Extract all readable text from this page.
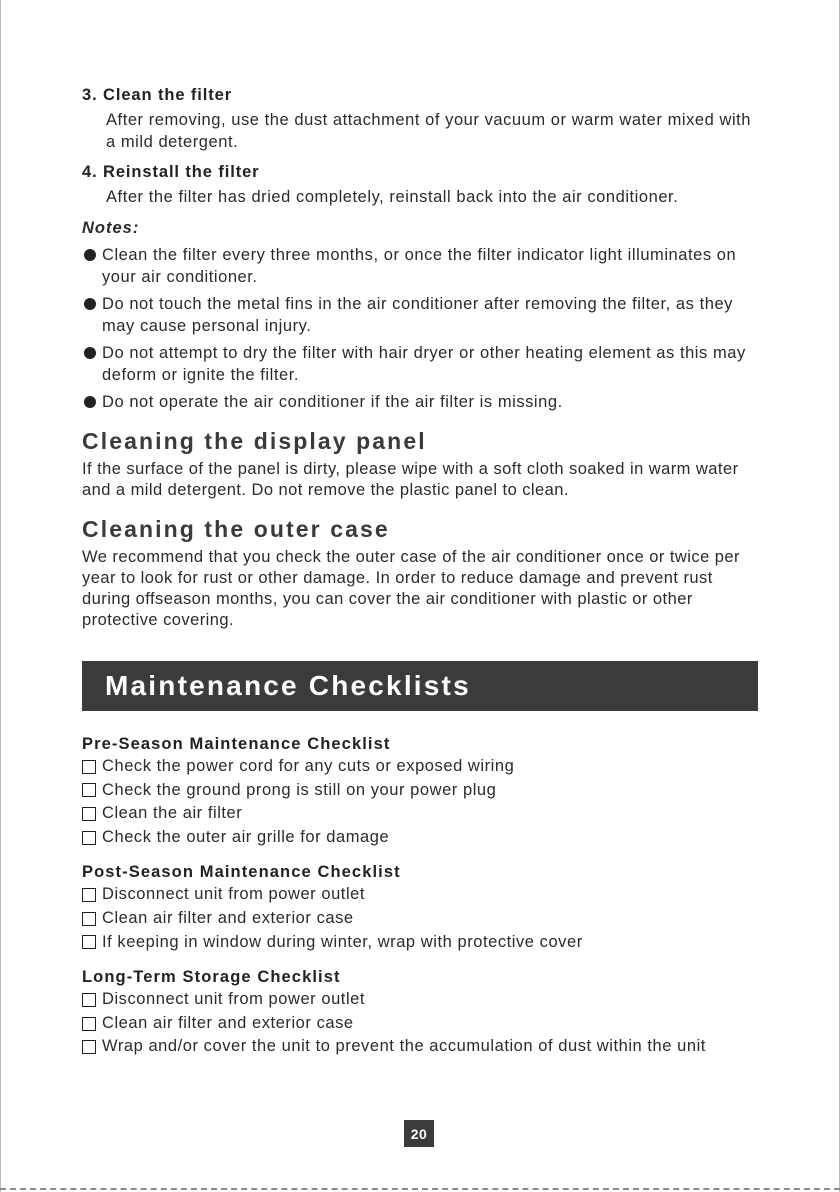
3. Clean the filter
After removing, use the dust attachment of your vacuum or warm water mixed with a mild detergent.
4. Reinstall the filter
After the filter has dried completely, reinstall back into the air conditioner.
Notes:
Clean the filter every three months, or once the filter indicator light illuminates on your air conditioner.
Do not touch the metal fins in the air conditioner after removing the filter, as they may cause personal injury.
Do not attempt to dry the filter with hair dryer or other heating element as this may deform or ignite the filter.
Do not operate the air conditioner if the air filter is missing.
Cleaning the display panel
If the surface of the panel is dirty, please wipe with a soft cloth soaked in warm water and a mild detergent. Do not remove the plastic panel to clean.
Cleaning the outer case
We recommend that you check the outer case of the air conditioner once or twice per year to look for rust or other damage. In order to reduce damage and prevent rust during offseason months, you can cover the air conditioner with plastic or other protective covering.
Maintenance Checklists
Pre-Season Maintenance Checklist
Check the power cord for any cuts or exposed wiring
Check the ground prong is still on your power plug
Clean the air filter
Check the outer air grille for damage
Post-Season Maintenance Checklist
Disconnect unit from power outlet
Clean air filter and exterior case
If keeping in window during winter, wrap with protective cover
Long-Term Storage Checklist
Disconnect unit from power outlet
Clean air filter and exterior case
Wrap and/or cover the unit to prevent the accumulation of dust within the unit
20
